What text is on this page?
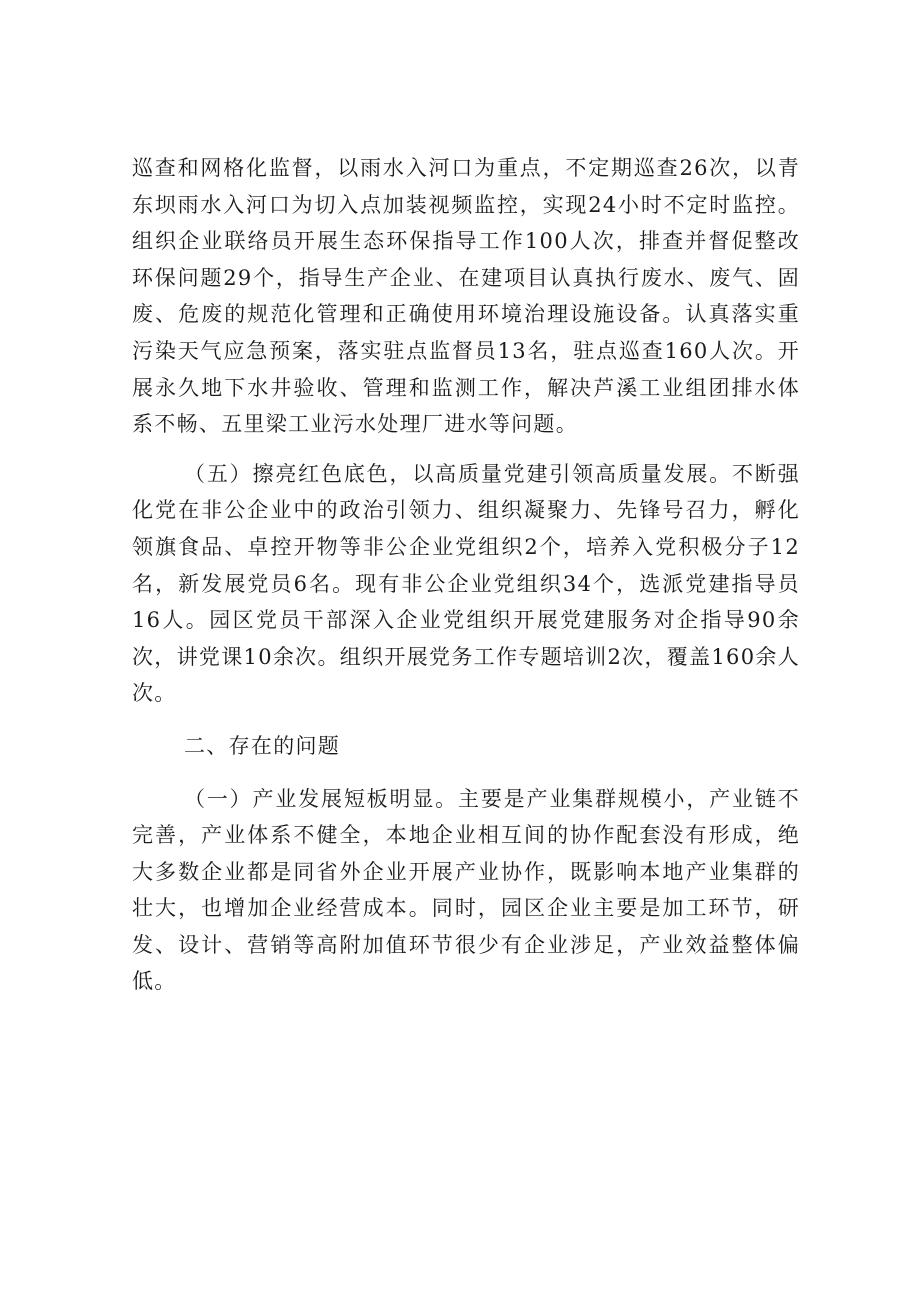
巡查和网格化监督，以雨水入河口为重点，不定期巡查26次，以青东坝雨水入河口为切入点加装视频监控，实现24小时不定时监控。组织企业联络员开展生态环保指导工作100人次，排查并督促整改环保问题29个，指导生产企业、在建项目认真执行废水、废气、固废、危废的规范化管理和正确使用环境治理设施设备。认真落实重污染天气应急预案，落实驻点监督员13名，驻点巡查160人次。开展永久地下水井验收、管理和监测工作，解决芦溪工业组团排水体系不畅、五里梁工业污水处理厂进水等问题。

（五）擦亮红色底色，以高质量党建引领高质量发展。不断强化党在非公企业中的政治引领力、组织凝聚力、先锋号召力，孵化领旗食品、卓控开物等非公企业党组织2个，培养入党积极分子12名，新发展党员6名。现有非公企业党组织34个，选派党建指导员16人。园区党员干部深入企业党组织开展党建服务对企指导90余次，讲党课10余次。组织开展党务工作专题培训2次，覆盖160余人次。

二、存在的问题

（一）产业发展短板明显。主要是产业集群规模小，产业链不完善，产业体系不健全，本地企业相互间的协作配套没有形成，绝大多数企业都是同省外企业开展产业协作，既影响本地产业集群的壮大，也增加企业经营成本。同时，园区企业主要是加工环节，研发、设计、营销等高附加值环节很少有企业涉足，产业效益整体偏低。
